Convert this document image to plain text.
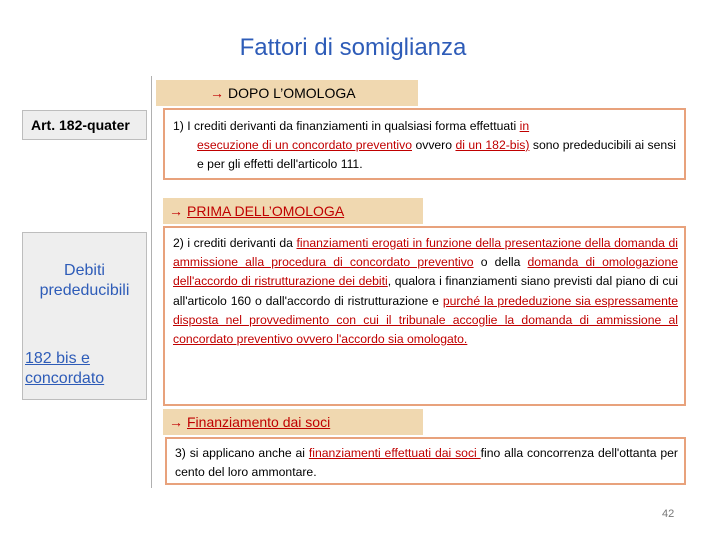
Fattori di somiglianza
Art. 182-quater
Debiti prededucibili
182 bis e concordato
→ DOPO L’OMOLOGA
1) I crediti derivanti da finanziamenti in qualsiasi forma effettuati in
esecuzione di un concordato preventivo ovvero di un 182-bis) sono prededucibili ai sensi e per gli effetti dell'articolo 111.
→ PRIMA DELL’OMOLOGA
2) i crediti derivanti da finanziamenti erogati in funzione della presentazione della domanda di ammissione alla procedura di concordato preventivo o della domanda di omologazione dell'accordo di ristrutturazione dei debiti, qualora i finanziamenti siano previsti dal piano di cui all'articolo 160 o dall'accordo di ristrutturazione e purché la prededuzione sia espressamente disposta nel provvedimento con cui il tribunale accoglie la domanda di ammissione al concordato preventivo ovvero l'accordo sia omologato.
→ Finanziamento dai soci
3) si applicano anche ai finanziamenti effettuati dai soci fino alla concorrenza dell'ottanta per cento del loro ammontare.
42
